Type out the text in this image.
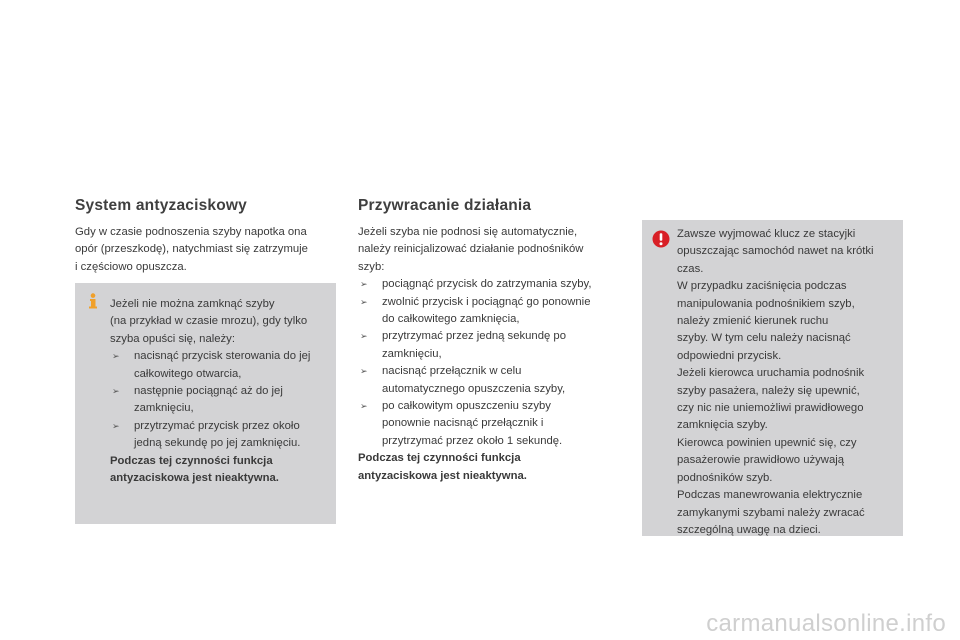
System antyzaciskowy

Gdy w czasie podnoszenia szyby napotka ona

opór (przeszkodę), natychmiast się zatrzymuje

i częściowo opuszcza.

Jeżeli nie można zamknąć szyby

(na przykład w czasie mrozu), gdy tylko

szyba opuści się, należy:

➢ nacisnąć przycisk sterowania do jej
całkowitego otwarcia,
➢ następnie pociągnąć aż do jej
zamknięciu,
➢ przytrzymać przycisk przez około
jedną sekundę po jej zamknięciu.
Podczas tej czynności funkcja
antyzaciskowa jest nieaktywna.
Przywracanie działania

Jeżeli szyba nie podnosi się automatycznie,

należy reinicjalizować działanie podnośników

szyb:

➢ pociągnąć przycisk do zatrzymania szyby,
➢ zwolnić przycisk i pociągnąć go ponownie
do całkowitego zamknięcia,
➢ przytrzymać przez jedną sekundę po
zamknięciu,
➢ nacisnąć przełącznik w celu
automatycznego opuszczenia szyby,
➢ po całkowitym opuszczeniu szyby
ponownie nacisnąć przełącznik i
przytrzymać przez około 1 sekundę.
Podczas tej czynności funkcja
antyzaciskowa jest nieaktywna.

Zawsze wyjmować klucz ze stacyjki

opuszczając samochód nawet na krótki

czas.

W przypadku zaciśnięcia podczas

manipulowania podnośnikiem szyb,

należy zmienić kierunek ruchu

szyby. W tym celu należy nacisnąć

odpowiedni przycisk.

Jeżeli kierowca uruchamia podnośnik

szyby pasażera, należy się upewnić,

czy nic nie uniemożliwi prawidłowego

zamknięcia szyby.

Kierowca powinien upewnić się, czy

pasażerowie prawidłowo używają

podnośników szyb.

Podczas manewrowania elektrycznie

zamykanymi szybami należy zwracać

szczególną uwagę na dzieci.

carmanualsonline.info
